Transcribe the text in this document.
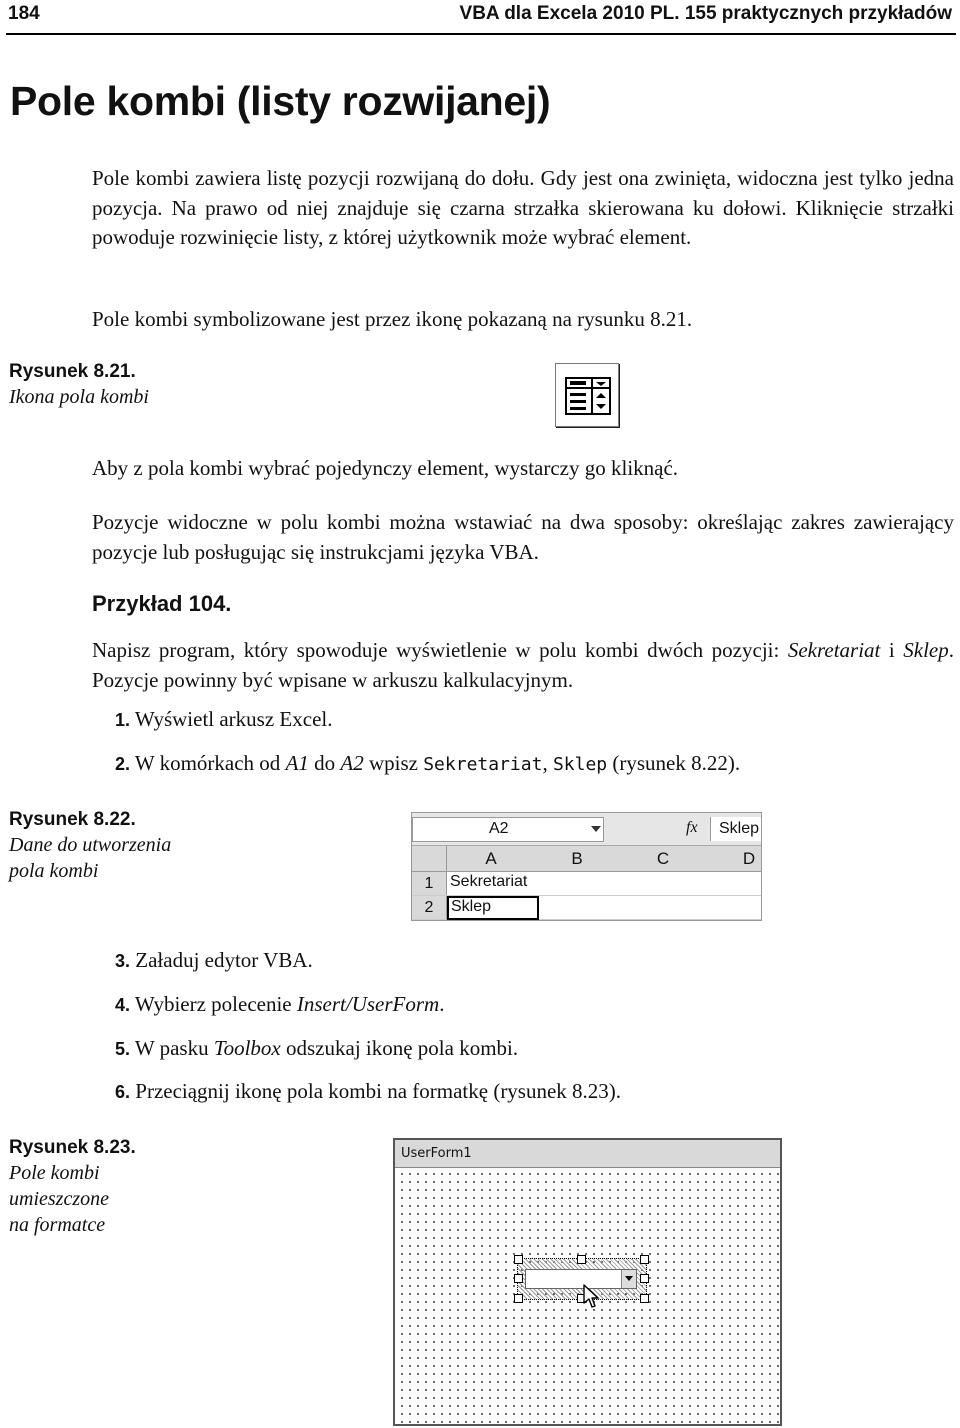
184	VBA dla Excela 2010 PL. 155 praktycznych przykładów
Pole kombi (listy rozwijanej)

Pole kombi zawiera listę pozycji rozwijaną do dołu. Gdy jest ona zwinięta, widoczna jest tylko jedna pozycja. Na prawo od niej znajduje się czarna strzałka skierowana ku dołowi. Kliknięcie strzałki powoduje rozwinięcie listy, z której użytkownik może wybrać element.

Pole kombi symbolizowane jest przez ikonę pokazaną na rysunku 8.21.

Rysunek 8.21.
Ikona pola kombi

Aby z pola kombi wybrać pojedynczy element, wystarczy go kliknąć.

Pozycje widoczne w polu kombi można wstawiać na dwa sposoby: określając zakres zawierający pozycje lub posługując się instrukcjami języka VBA.

Przykład 104.

Napisz program, który spowoduje wyświetlenie w polu kombi dwóch pozycji: Sekretariat i Sklep. Pozycje powinny być wpisane w arkuszu kalkulacyjnym.

1. Wyświetl arkusz Excel.
2. W komórkach od A1 do A2 wpisz Sekretariat, Sklep (rysunek 8.22).
Rysunek 8.22.
Dane do utworzenia
pola kombi
A2	fx Sklep
A	B	C	D
1	Sekretariat
2	Sklep
3. Załaduj edytor VBA.
4. Wybierz polecenie Insert/UserForm.
5. W pasku Toolbox odszukaj ikonę pola kombi.
6. Przeciągnij ikonę pola kombi na formatkę (rysunek 8.23).
Rysunek 8.23.
Pole kombi
umieszczone
na formatce
UserForm1
